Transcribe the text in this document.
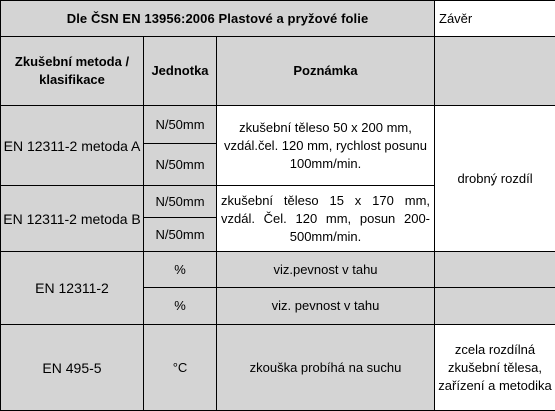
Dle ČSN EN 13956:2006 Plastové a pryžové folie			Závěr
Zkušební metoda / klasifikace	Jednotka	Poznámka	
EN 12311-2 metoda A	N/50mm	zkušební těleso 50 x 200 mm, vzdál.čel. 120 mm, rychlost posunu 100mm/min.	drobný rozdíl
	N/50mm		
EN 12311-2 metoda B	N/50mm	zkušební těleso 15 x 170 mm, vzdál. Čel. 120 mm, posun 200-500mm/min.	
	N/50mm		
EN 12311-2	%	viz.pevnost v tahu	
	%	viz. pevnost v tahu	
EN 495-5	°C	zkouška probíhá na suchu	zcela rozdílná zkušební tělesa, zařízení a metodika
